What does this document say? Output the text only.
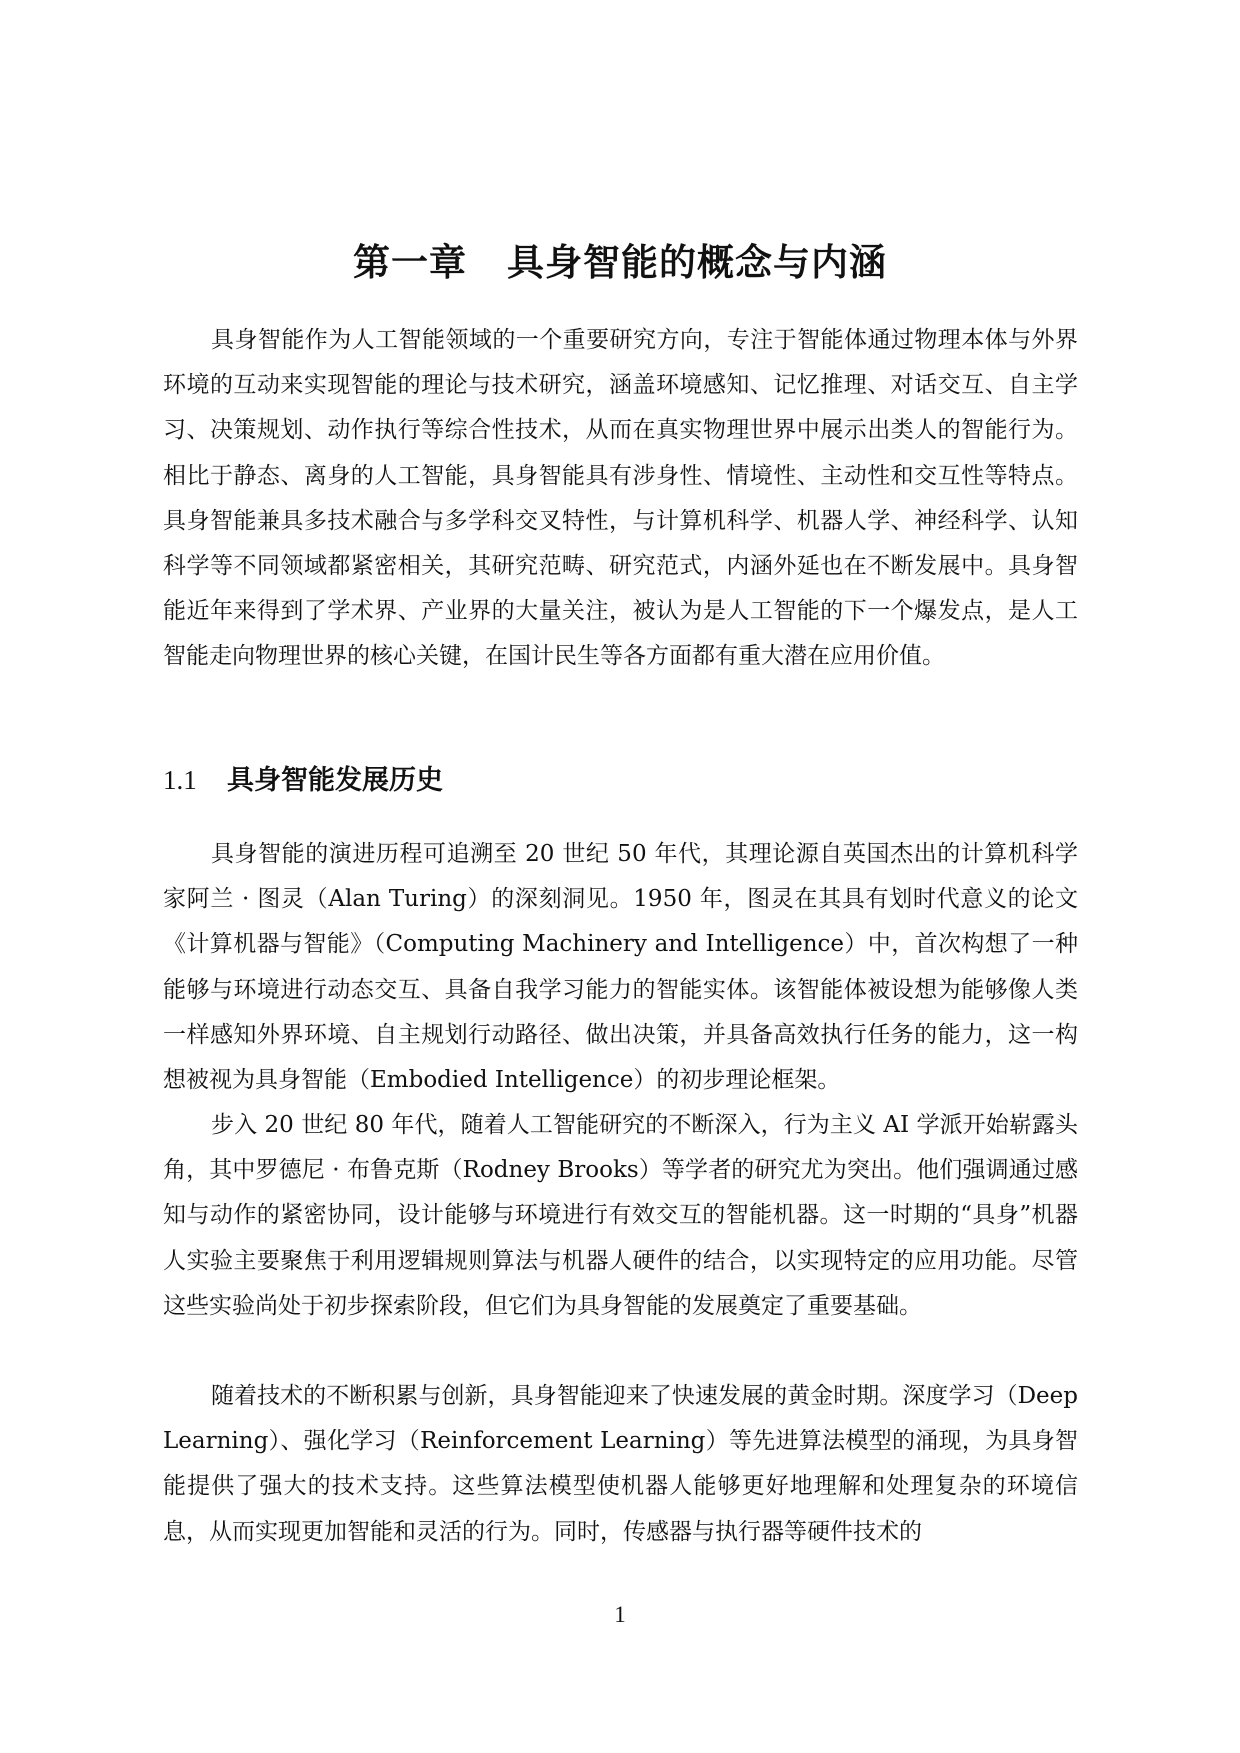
第一章 具身智能的概念与内涵

具身智能作为人工智能领域的一个重要研究方向，专注于智能体通过物理本体与外界环境的互动来实现智能的理论与技术研究，涵盖环境感知、记忆推理、对话交互、自主学习、决策规划、动作执行等综合性技术，从而在真实物理世界中展示出类人的智能行为。相比于静态、离身的人工智能，具身智能具有涉身性、情境性、主动性和交互性等特点。具身智能兼具多技术融合与多学科交叉特性，与计算机科学、机器人学、神经科学、认知科学等不同领域都紧密相关，其研究范畴、研究范式，内涵外延也在不断发展中。具身智能近年来得到了学术界、产业界的大量关注，被认为是人工智能的下一个爆发点，是人工智能走向物理世界的核心关键，在国计民生等各方面都有重大潜在应用价值。

1.1 具身智能发展历史

具身智能的演进历程可追溯至 20 世纪 50 年代，其理论源自英国杰出的计算机科学家阿兰 · 图灵（Alan Turing）的深刻洞见。1950 年，图灵在其具有划时代意义的论文《计算机器与智能》（Computing Machinery and Intelligence）中，首次构想了一种能够与环境进行动态交互、具备自我学习能力的智能实体。该智能体被设想为能够像人类一样感知外界环境、自主规划行动路径、做出决策，并具备高效执行任务的能力，这一构想被视为具身智能（Embodied Intelligence）的初步理论框架。

步入 20 世纪 80 年代，随着人工智能研究的不断深入，行为主义 AI 学派开始崭露头角，其中罗德尼 · 布鲁克斯（Rodney Brooks）等学者的研究尤为突出。他们强调通过感知与动作的紧密协同，设计能够与环境进行有效交互的智能机器。这一时期的“具身”机器人实验主要聚焦于利用逻辑规则算法与机器人硬件的结合，以实现特定的应用功能。尽管这些实验尚处于初步探索阶段，但它们为具身智能的发展奠定了重要基础。

随着技术的不断积累与创新，具身智能迎来了快速发展的黄金时期。深度学习（Deep Learning）、强化学习（Reinforcement Learning）等先进算法模型的涌现，为具身智能提供了强大的技术支持。这些算法模型使机器人能够更好地理解和处理复杂的环境信息，从而实现更加智能和灵活的行为。同时，传感器与执行器等硬件技术的

1
